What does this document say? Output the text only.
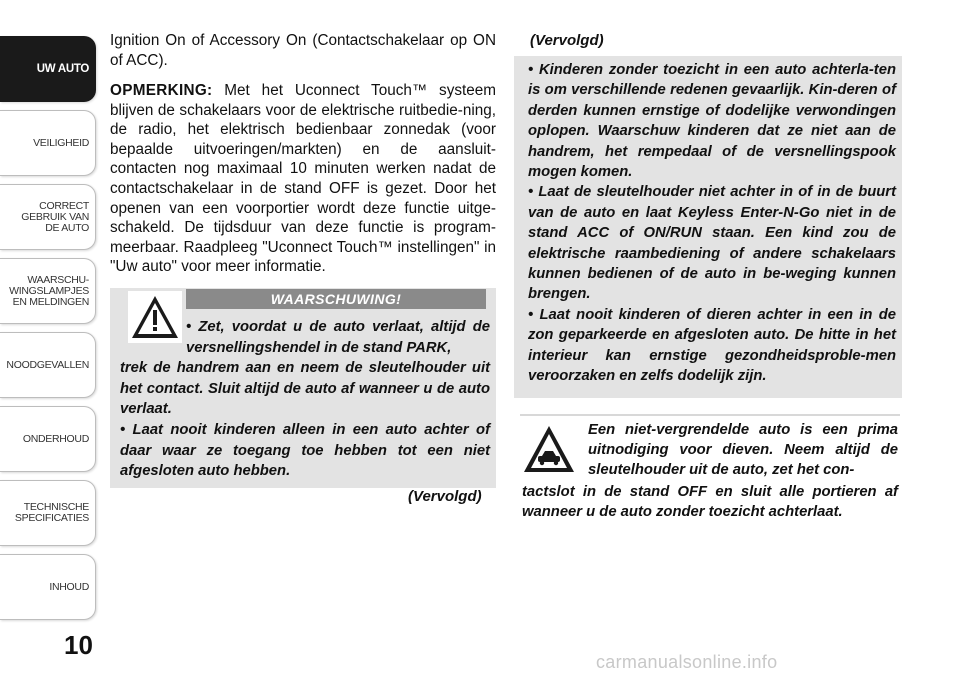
UW AUTO
VEILIGHEID
CORRECT
GEBRUIK VAN
DE AUTO
WAARSCHU-
WINGSLAMPJES
EN MELDINGEN
NOODGEVALLEN
ONDERHOUD
TECHNISCHE
SPECIFICATIES
INHOUD
10

Ignition On of Accessory On (Contactschakelaar op ON of ACC).

OPMERKING: Met het Uconnect Touch™ systeem blijven de schakelaars voor de elektrische ruitbedie-ning, de radio, het elektrisch bedienbaar zonnedak (voor bepaalde uitvoeringen/markten) en de aansluit-contacten nog maximaal 10 minuten werken nadat de contactschakelaar in de stand OFF is gezet. Door het openen van een voorportier wordt deze functie uitge-schakeld. De tijdsduur van deze functie is program-meerbaar. Raadpleeg "Uconnect Touch™ instellingen" in "Uw auto" voor meer informatie.

WAARSCHUWING!

• Zet, voordat u de auto verlaat, altijd de versnellingshendel in de stand PARK,

trek de handrem aan en neem de sleutelhouder uit het contact. Sluit altijd de auto af wanneer u de auto verlaat.

• Laat nooit kinderen alleen in een auto achter of daar waar ze toegang toe hebben tot een niet afgesloten auto hebben.

(Vervolgd)
(Vervolgd)
• Kinderen zonder toezicht in een auto achterla-ten is om verschillende redenen gevaarlijk. Kin-deren of derden kunnen ernstige of dodelijke verwondingen oplopen. Waarschuw kinderen dat ze niet aan de handrem, het rempedaal of de versnellingspook mogen komen.
• Laat de sleutelhouder niet achter in of in de buurt van de auto en laat Keyless Enter-N-Go niet in de stand ACC of ON/RUN staan. Een kind zou de elektrische raambediening of andere schakelaars kunnen bedienen of de auto in be-weging kunnen brengen.
• Laat nooit kinderen of dieren achter in een in de zon geparkeerde en afgesloten auto. De hitte in het interieur kan ernstige gezondheidsproble-men veroorzaken en zelfs dodelijk zijn.

Een niet-vergrendelde auto is een prima uitnodiging voor dieven. Neem altijd de sleutelhouder uit de auto, zet het con-

tactslot in de stand OFF en sluit alle portieren af wanneer u de auto zonder toezicht achterlaat.

carmanualsonline.info
